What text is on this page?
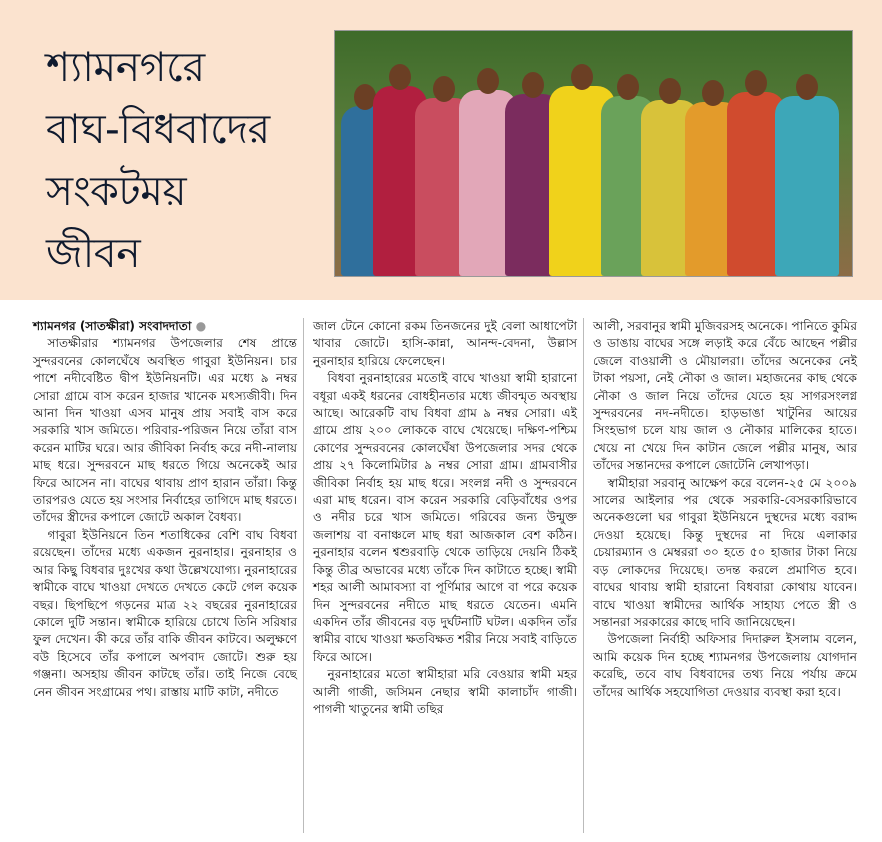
শ্যামনগরে
বাঘ-বিধবাদের
সংকটময়
জীবন

শ্যামনগর (সাতক্ষীরা) সংবাদদাতা ●

সাতক্ষীরার শ্যামনগর উপজেলার শেষ প্রান্তে সুন্দরবনের কোলঘেঁষে অবস্থিত গাবুরা ইউনিয়ন। চার পাশে নদীবেষ্টিত দ্বীপ ইউনিয়নটি। এর মধ্যে ৯ নম্বর সোরা গ্রামে বাস করেন হাজার খানেক মৎস্যজীবী। দিন আনা দিন খাওয়া এসব মানুষ প্রায় সবাই বাস করে সরকারি খাস জমিতে। পরিবার-পরিজন নিয়ে তাঁরা বাস করেন মাটির ঘরে। আর জীবিকা নির্বাহ করে নদী-নালায় মাছ ধরে। সুন্দরবনে মাছ ধরতে গিয়ে অনেকেই আর ফিরে আসেন না। বাঘের থাবায় প্রাণ হারান তাঁরা। কিন্তু তারপরও যেতে হয় সংসার নির্বাহের তাগিদে মাছ ধরতে। তাঁদের স্ত্রীদের কপালে জোটে অকাল বৈধব্য।

গাবুরা ইউনিয়নে তিন শতাধিকের বেশি বাঘ বিধবা রয়েছেন। তাঁদের মধ্যে একজন নুরনাহার। নুরনাহার ও আর কিছু বিধবার দুঃখের কথা উল্লেখযোগ্য। নুরনাহারের স্বামীকে বাঘে খাওয়া দেখতে দেখতে কেটে গেল কয়েক বছর। ছিপছিপে গড়নের মাত্র ২২ বছরের নুরনাহারের কোলে দুটি সন্তান। স্বামীকে হারিয়ে চোখে তিনি সরিষার ফুল দেখেন। কী করে তাঁর বাকি জীবন কাটবে। অলুক্ষণে বউ হিসেবে তাঁর কপালে অপবাদ জোটে। শুরু হয় গঞ্জনা। অসহায় জীবন কাটছে তাঁর। তাই নিজে বেছে নেন জীবন সংগ্রামের পথ। রাস্তায় মাটি কাটা, নদীতে

জাল টেনে কোনো রকম তিনজনের দুই বেলা আধাপেটা খাবার জোটে। হাসি-কান্না, আনন্দ-বেদনা, উল্লাস নুরনাহার হারিয়ে ফেলেছেন।

বিধবা নুরনাহারের মতোই বাঘে খাওয়া স্বামী হারানো বধূরা একই ধরনের বোধহীনতার মধ্যে জীবন্মৃত অবস্থায় আছে। আরেকটি বাঘ বিধবা গ্রাম ৯ নম্বর সোরা। এই গ্রামে প্রায় ২০০ লোককে বাঘে খেয়েছে। দক্ষিণ-পশ্চিম কোণের সুন্দরবনের কোলঘেঁষা উপজেলার সদর থেকে প্রায় ২৭ কিলোমিটার ৯ নম্বর সোরা গ্রাম। গ্রামবাসীর জীবিকা নির্বাহ হয় মাছ ধরে। সংলগ্ন নদী ও সুন্দরবনে এরা মাছ ধরেন। বাস করেন সরকারি বেড়িবাঁধের ওপর ও নদীর চরে খাস জমিতে। গরিবের জন্য উন্মুক্ত জলাশয় বা বনাঞ্চলে মাছ ধরা আজকাল বেশ কঠিন। নুরনাহার বলেন শ্বশুরবাড়ি থেকে তাড়িয়ে দেয়নি ঠিকই কিন্তু তীব্র অভাবের মধ্যে তাঁকে দিন কাটাতে হচ্ছে। স্বামী শহর আলী আমাবস্যা বা পূর্ণিমার আগে বা পরে কয়েক দিন সুন্দরবনের নদীতে মাছ ধরতে যেতেন। এমনি একদিন তাঁর জীবনের বড় দুর্ঘটনাটি ঘটল। একদিন তাঁর স্বামীর বাঘে খাওয়া ক্ষতবিক্ষত শরীর নিয়ে সবাই বাড়িতে ফিরে আসে।

নুরনাহারের মতো স্বামীহারা মরি বেওয়ার স্বামী মহর আলী গাজী, জসিমন নেছার স্বামী কালাচাঁদ গাজী। পাগলী খাতুনের স্বামী তছির

আলী, সরবানুর স্বামী মুজিবরসহ অনেকে। পানিতে কুমির ও ডাঙায় বাঘের সঙ্গে লড়াই করে বেঁচে আছেন পল্লীর জেলে বাওয়ালী ও মৌয়ালরা। তাঁদের অনেকের নেই টাকা পয়সা, নেই নৌকা ও জাল। মহাজনের কাছ থেকে নৌকা ও জাল নিয়ে তাঁদের যেতে হয় সাগরসংলগ্ন সুন্দরবনের নদ-নদীতে। হাড়ভাঙা খাটুনির আয়ের সিংহভাগ চলে যায় জাল ও নৌকার মালিকের হাতে। খেয়ে না খেয়ে দিন কাটান জেলে পল্লীর মানুষ, আর তাঁদের সন্তানদের কপালে জোটেনি লেখাপড়া।

স্বামীহারা সরবানু আক্ষেপ করে বলেন-২৫ মে ২০০৯ সালের আইলার পর থেকে সরকারি-বেসরকারিভাবে অনেকগুলো ঘর গাবুরা ইউনিয়নে দুস্থদের মধ্যে বরাদ্দ দেওয়া হয়েছে। কিন্তু দুস্থদের না দিয়ে এলাকার চেয়ারম্যান ও মেম্বররা ৩০ হতে ৫০ হাজার টাকা নিয়ে বড় লোকদের দিয়েছে। তদন্ত করলে প্রমাণিত হবে। বাঘের থাবায় স্বামী হারানো বিধবারা কোথায় যাবেন। বাঘে খাওয়া স্বামীদের আর্থিক সাহায্য পেতে স্ত্রী ও সন্তানরা সরকারের কাছে দাবি জানিয়েছেন।

উপজেলা নির্বাহী অফিসার দিদারুল ইসলাম বলেন, আমি কয়েক দিন হচ্ছে শ্যামনগর উপজেলায় যোগদান করেছি, তবে বাঘ বিধবাদের তথ্য নিয়ে পর্যায় ক্রমে তাঁদের আর্থিক সহযোগিতা দেওয়ার ব্যবস্থা করা হবে।
